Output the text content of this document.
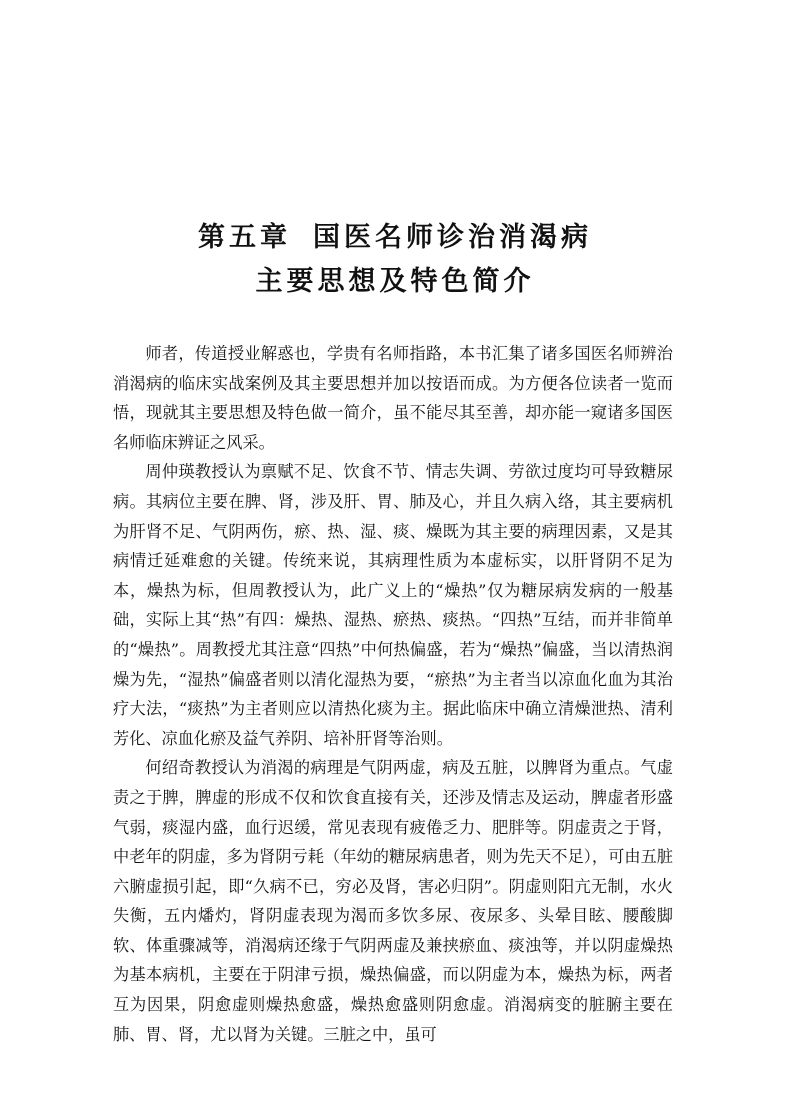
第五章 国医名师诊治消渴病
主要思想及特色简介

师者，传道授业解惑也，学贵有名师指路，本书汇集了诸多国医名师辨治消渴病的临床实战案例及其主要思想并加以按语而成。为方便各位读者一览而悟，现就其主要思想及特色做一简介，虽不能尽其至善，却亦能一窥诸多国医名师临床辨证之风采。

周仲瑛教授认为禀赋不足、饮食不节、情志失调、劳欲过度均可导致糖尿病。其病位主要在脾、肾，涉及肝、胃、肺及心，并且久病入络，其主要病机为肝肾不足、气阴两伤，瘀、热、湿、痰、燥既为其主要的病理因素，又是其病情迁延难愈的关键。传统来说，其病理性质为本虚标实，以肝肾阴不足为本，燥热为标，但周教授认为，此广义上的“燥热”仅为糖尿病发病的一般基础，实际上其“热”有四：燥热、湿热、瘀热、痰热。“四热”互结，而并非简单的“燥热”。周教授尤其注意“四热”中何热偏盛，若为“燥热”偏盛，当以清热润燥为先，“湿热”偏盛者则以清化湿热为要，“瘀热”为主者当以凉血化血为其治疗大法，“痰热”为主者则应以清热化痰为主。据此临床中确立清燥泄热、清利芳化、凉血化瘀及益气养阴、培补肝肾等治则。

何绍奇教授认为消渴的病理是气阴两虚，病及五脏，以脾肾为重点。气虚责之于脾，脾虚的形成不仅和饮食直接有关，还涉及情志及运动，脾虚者形盛气弱，痰湿内盛，血行迟缓，常见表现有疲倦乏力、肥胖等。阴虚责之于肾，中老年的阴虚，多为肾阴亏耗（年幼的糖尿病患者，则为先天不足），可由五脏六腑虚损引起，即“久病不已，穷必及肾，害必归阴”。阴虚则阳亢无制，水火失衡，五内燔灼，肾阴虚表现为渴而多饮多尿、夜尿多、头晕目眩、腰酸脚软、体重骤减等，消渴病还缘于气阴两虚及兼挟瘀血、痰浊等，并以阴虚燥热为基本病机，主要在于阴津亏损，燥热偏盛，而以阴虚为本，燥热为标，两者互为因果，阴愈虚则燥热愈盛，燥热愈盛则阴愈虚。消渴病变的脏腑主要在肺、胃、肾，尤以肾为关键。三脏之中，虽可
